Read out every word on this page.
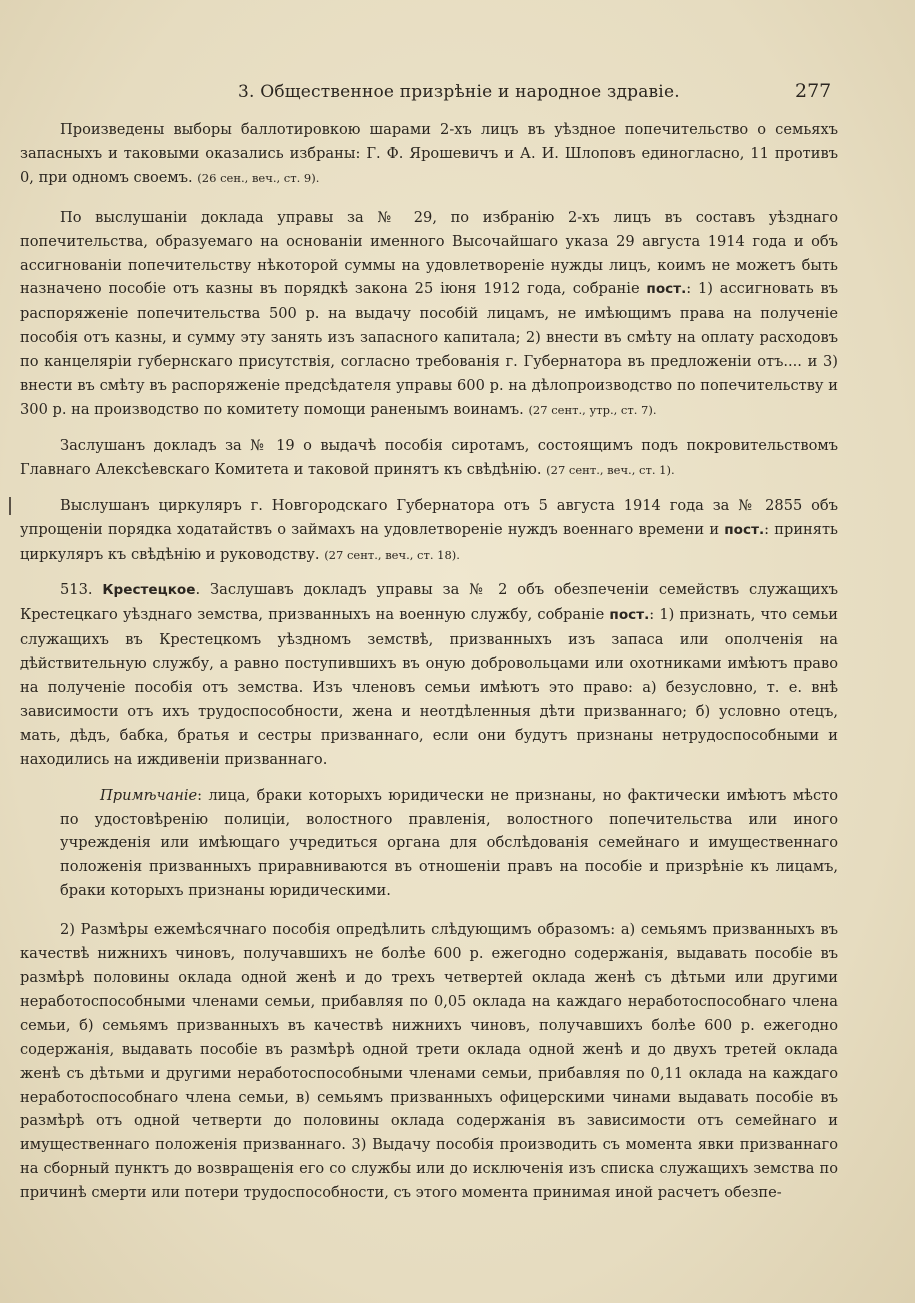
3. Общественное призрѣніе и народное здравіе.	277

Произведены выборы баллотировкою шарами 2-хъ лицъ въ уѣздное попечительство о семьяхъ запасныхъ и таковыми оказались избраны: Г. Ф. Ярошевичъ и А. И. Шлоповъ единогласно, 11 противъ 0, при одномъ своемъ. (26 сен., веч., ст. 9).

По выслушаніи доклада управы за № 29, по избранію 2-хъ лицъ въ составъ уѣзднаго попечительства, образуемаго на основаніи именного Высочайшаго указа 29 августа 1914 года и объ ассигнованіи попечительству нѣкоторой суммы на удовлетвореніе нужды лицъ, коимъ не можетъ быть назначено пособіе отъ казны въ порядкѣ закона 25 іюня 1912 года, собраніе пост.: 1) ассигновать въ распоряженіе попечительства 500 р. на выдачу пособій лицамъ, не имѣющимъ права на полученіе пособія отъ казны, и сумму эту занять изъ запасного капитала; 2) внести въ смѣту на оплату расходовъ по канцеляріи губернскаго присутствія, согласно требованія г. Губернатора въ предложеніи отъ.... и 3) внести въ смѣту въ распоряженіе предсѣдателя управы 600 р. на дѣлопроизводство по попечительству и 300 р. на производство по комитету помощи раненымъ воинамъ. (27 сент., утр., ст. 7).

Заслушанъ докладъ за № 19 о выдачѣ пособія сиротамъ, состоящимъ подъ покровительствомъ Главнаго Алексѣевскаго Комитета и таковой принятъ къ свѣдѣнію. (27 сент., веч., ст. 1).

Выслушанъ циркуляръ г. Новгородскаго Губернатора отъ 5 августа 1914 года за № 2855 объ упрощеніи порядка ходатайствъ о займахъ на удовлетвореніе нуждъ военнаго времени и пост.: принять циркуляръ къ свѣдѣнію и руководству. (27 сент., веч., ст. 18).

513. Крестецкое. Заслушавъ докладъ управы за № 2 объ обезпеченіи семействъ служащихъ Крестецкаго уѣзднаго земства, призванныхъ на военную службу, собраніе пост.: 1) признать, что семьи служащихъ въ Крестецкомъ уѣздномъ земствѣ, призванныхъ изъ запаса или ополченія на дѣйствительную службу, а равно поступившихъ въ оную добровольцами или охотниками имѣютъ право на полученіе пособія отъ земства. Изъ членовъ семьи имѣютъ это право: а) безусловно, т. е. внѣ зависимости отъ ихъ трудоспособности, жена и неотдѣленныя дѣти призваннаго; б) условно отецъ, мать, дѣдъ, бабка, братья и сестры призваннаго, если они будутъ признаны нетрудоспособными и находились на иждивеніи призваннаго.

Примѣчаніе: лица, браки которыхъ юридически не признаны, но фактически имѣютъ мѣсто по удостовѣренію полиціи, волостного правленія, волостного попечительства или иного учрежденія или имѣющаго учредиться органа для обслѣдованія семейнаго и имущественнаго положенія призванныхъ приравниваются въ отношеніи правъ на пособіе и призрѣніе къ лицамъ, браки которыхъ признаны юридическими.

2) Размѣры ежемѣсячнаго пособія опредѣлить слѣдующимъ образомъ: а) семьямъ призванныхъ въ качествѣ нижнихъ чиновъ, получавшихъ не болѣе 600 р. ежегодно содержанія, выдавать пособіе въ размѣрѣ половины оклада одной женѣ и до трехъ четвертей оклада женѣ съ дѣтьми или другими неработоспособными членами семьи, прибавляя по 0,05 оклада на каждаго неработоспособнаго члена семьи, б) семьямъ призванныхъ въ качествѣ нижнихъ чиновъ, получавшихъ болѣе 600 р. ежегодно содержанія, выдавать пособіе въ размѣрѣ одной трети оклада одной женѣ и до двухъ третей оклада женѣ съ дѣтьми и другими неработоспособными членами семьи, прибавляя по 0,11 оклада на каждаго неработоспособнаго члена семьи, в) семьямъ призванныхъ офицерскими чинами выдавать пособіе въ размѣрѣ отъ одной четверти до половины оклада содержанія въ зависимости отъ семейнаго и имущественнаго положенія призваннаго. 3) Выдачу пособія производить съ момента явки призваннаго на сборный пунктъ до возвращенія его со службы или до исключенія изъ списка служащихъ земства по причинѣ смерти или потери трудоспособности, съ этого момента принимая иной расчетъ обезпе-
